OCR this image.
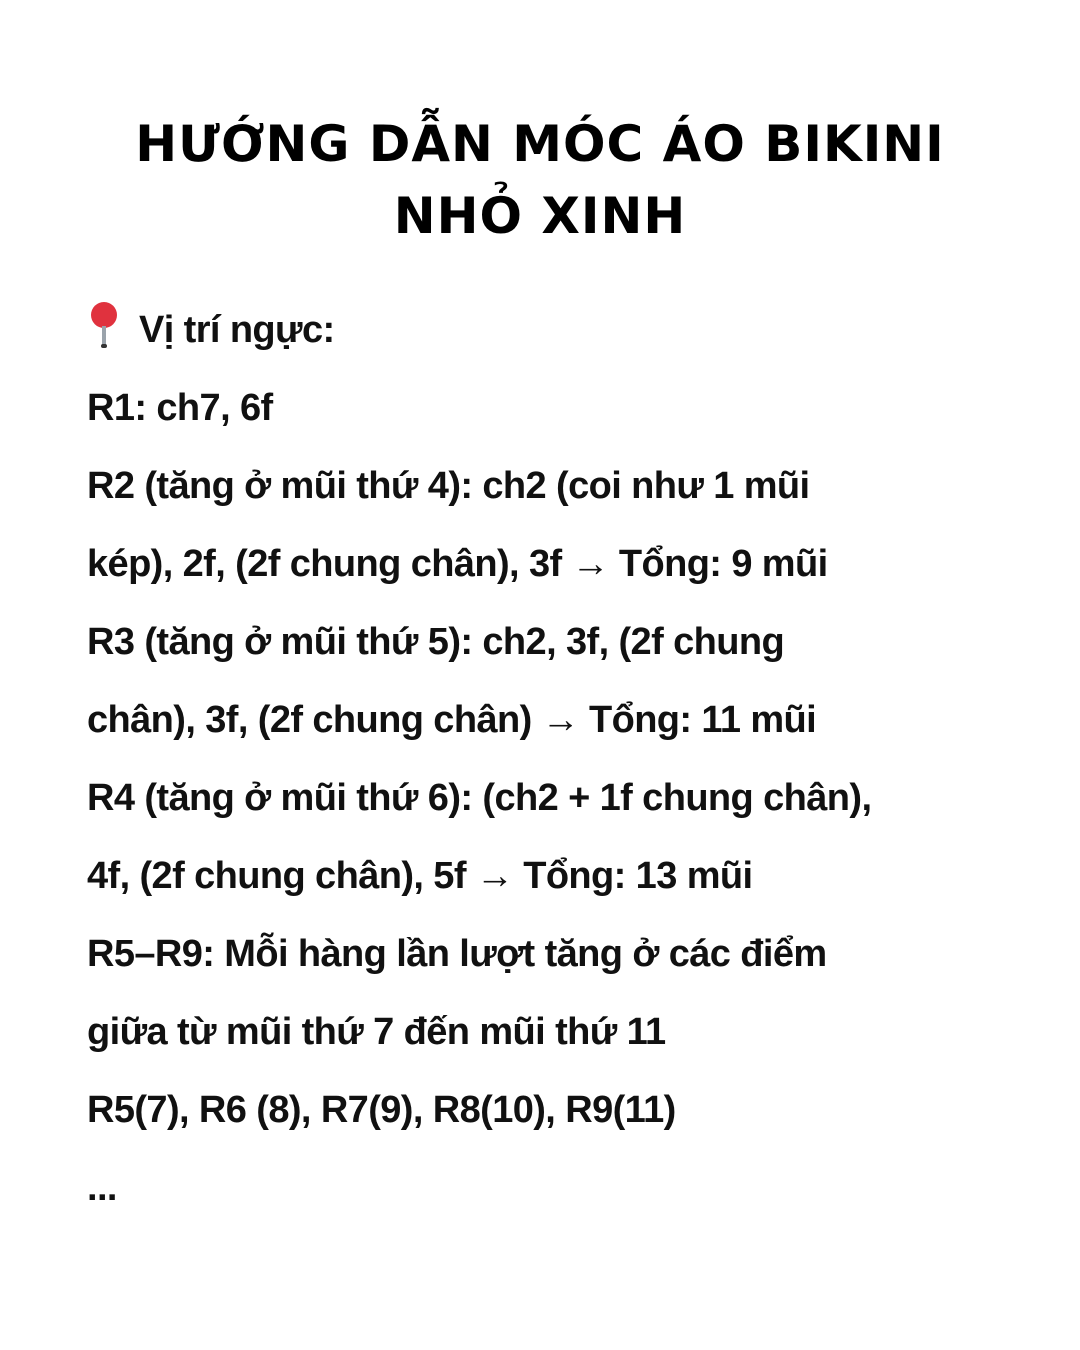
HƯỚNG DẪN MÓC ÁO BIKINI
NHỎ XINH
Vị trí ngực:
R1: ch7, 6f
R2 (tăng ở mũi thứ 4): ch2 (coi như 1 mũi
kép), 2f, (2f chung chân), 3f → Tổng: 9 mũi
R3 (tăng ở mũi thứ 5): ch2, 3f, (2f chung
chân), 3f, (2f chung chân) → Tổng: 11 mũi
R4 (tăng ở mũi thứ 6): (ch2 + 1f chung chân),
4f, (2f chung chân), 5f → Tổng: 13 mũi
R5–R9: Mỗi hàng lần lượt tăng ở các điểm
giữa từ mũi thứ 7 đến mũi thứ 11
R5(7), R6 (8), R7(9), R8(10), R9(11)
...
